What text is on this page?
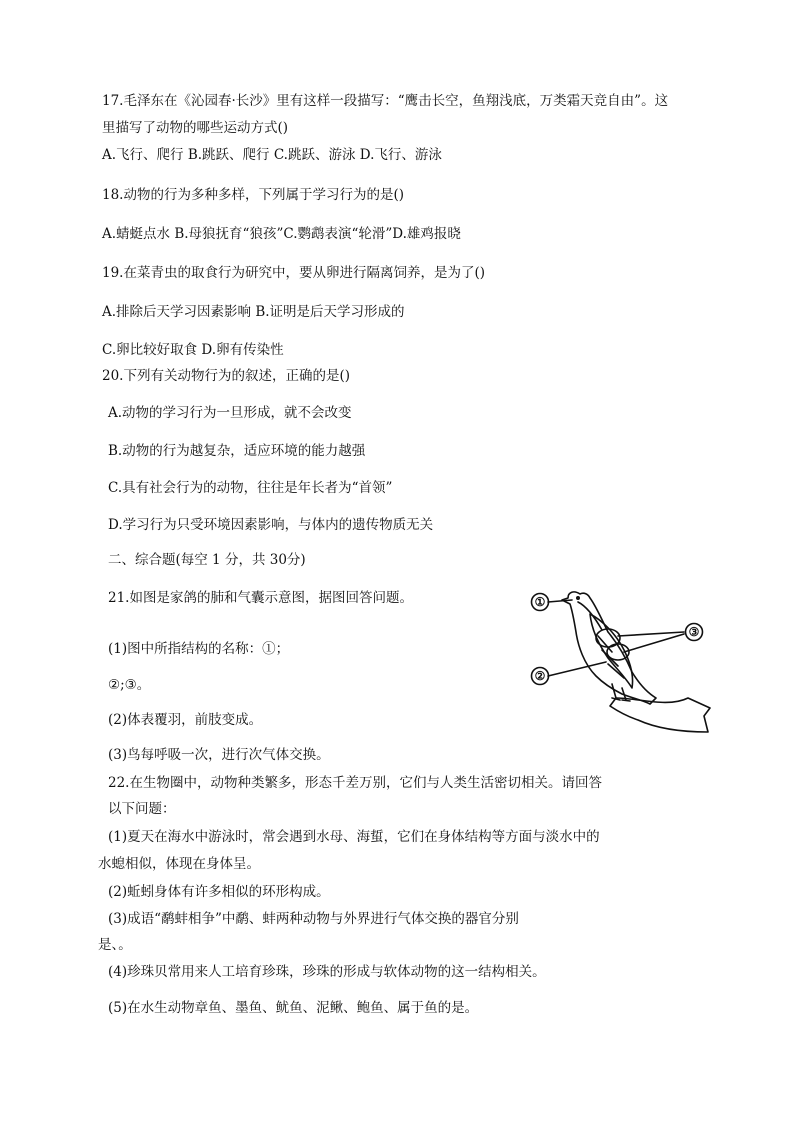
17.毛泽东在《沁园春·长沙》里有这样一段描写：“鹰击长空，鱼翔浅底，万类霜天竞自由”。这
里描写了动物的哪些运动方式()
A.飞行、爬行 B.跳跃、爬行 C.跳跃、游泳 D.飞行、游泳
18.动物的行为多种多样，下列属于学习行为的是()
A.蜻蜓点水 B.母狼抚育“狼孩”C.鹦鹉表演“轮滑”D.雄鸡报晓
19.在菜青虫的取食行为研究中，要从卵进行隔离饲养，是为了()
A.排除后天学习因素影响 B.证明是后天学习形成的
C.卵比较好取食 D.卵有传染性
20.下列有关动物行为的叙述，正确的是()
A.动物的学习行为一旦形成，就不会改变
B.动物的行为越复杂，适应环境的能力越强
C.具有社会行为的动物，往往是年长者为“首领”
D.学习行为只受环境因素影响，与体内的遗传物质无关
二、综合题(每空 1 分，共 30分)
21.如图是家鸽的肺和气囊示意图，据图回答问题。
(1)图中所指结构的名称：①；
②;③。
(2)体表覆羽，前肢变成。
(3)鸟每呼吸一次，进行次气体交换。
22.在生物圈中，动物种类繁多，形态千差万别，它们与人类生活密切相关。请回答
以下问题：
(1)夏天在海水中游泳时，常会遇到水母、海蜇，它们在身体结构等方面与淡水中的
水螅相似，体现在身体呈。
(2)蚯蚓身体有许多相似的环形构成。
(3)成语“鹬蚌相争”中鹬、蚌两种动物与外界进行气体交换的器官分别
是、。
(4)珍珠贝常用来人工培育珍珠，珍珠的形成与软体动物的这一结构相关。
(5)在水生动物章鱼、墨鱼、鱿鱼、泥鳅、鲍鱼、属于鱼的是。
①
②
③
